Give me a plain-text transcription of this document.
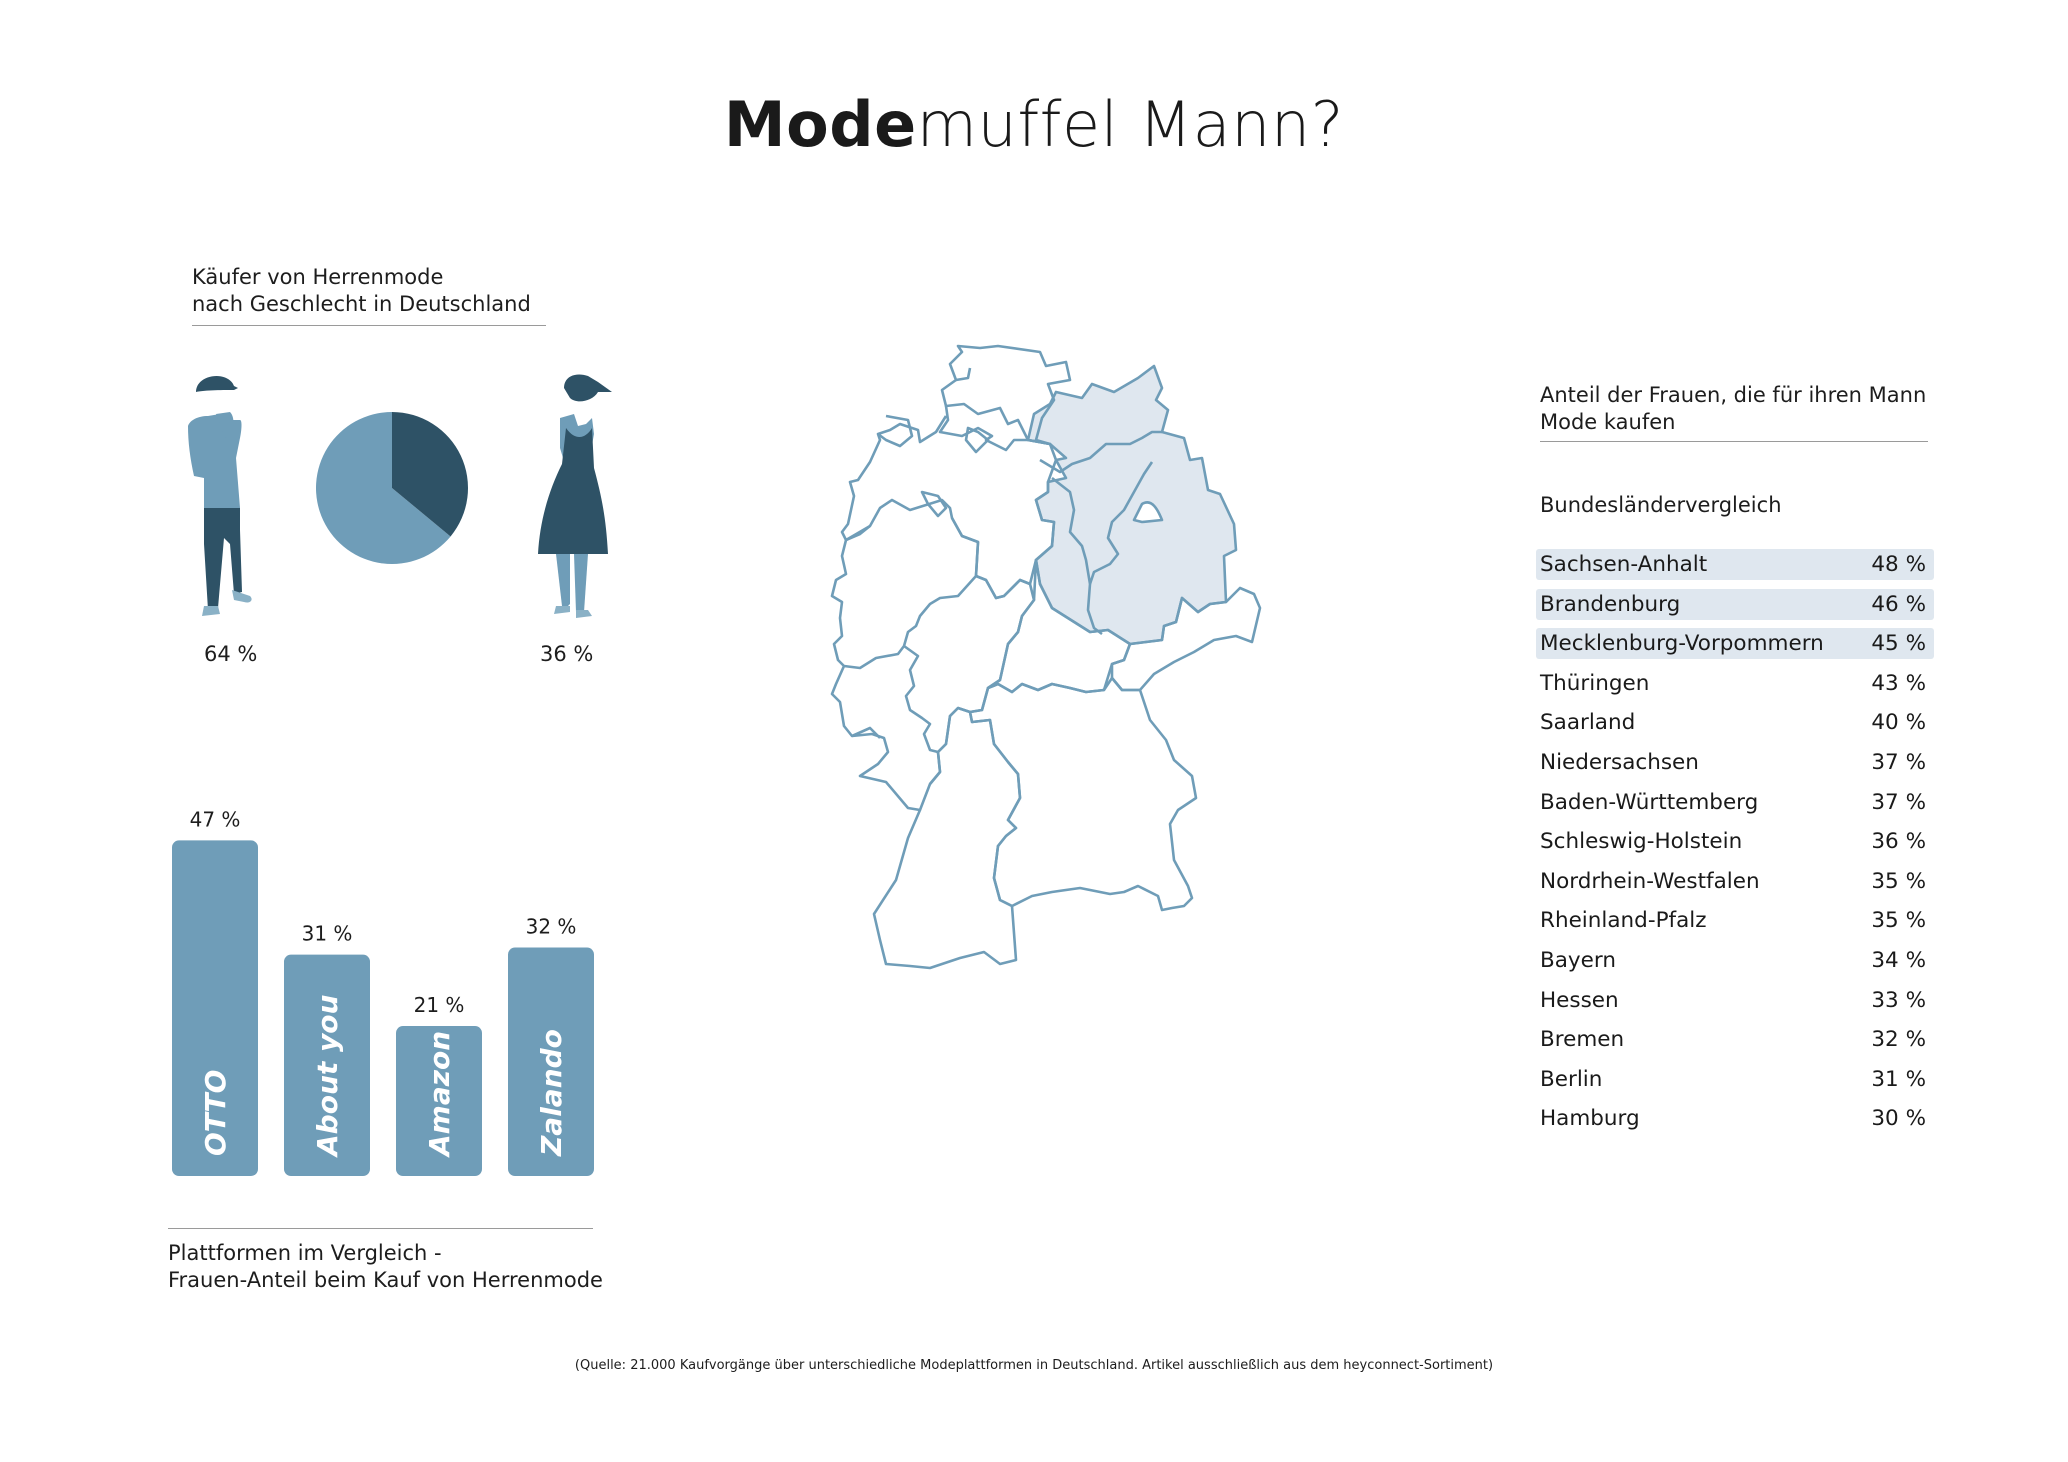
Modemuffel Mann?
Käufer von Herrenmode
nach Geschlecht in Deutschland
64 %	36 %
47 %
OTTO
31 %
About you	21 %
Amazon
32 %
Zalando
Plattformen im Vergleich -
Frauen-Anteil beim Kauf von Herrenmode
Anteil der Frauen, die für ihren Mann
Mode kaufen
Bundesländervergleich
Sachsen-Anhalt	48 %
Brandenburg	46 %
Mecklenburg-Vorpommern 45 %
Thüringen	43 %
Saarland	40 %
Niedersachsen	37 %
Baden-Württemberg	37 %
Schleswig-Holstein	36 %
Nordrhein-Westfalen	35 %
Rheinland-Pfalz	35 %
Bayern	34 %
Hessen	33 %
Bremen	32 %
Berlin	31 %
Hamburg	30 %
(Quelle: 21.000 Kaufvorgänge über unterschiedliche Modeplattformen in Deutschland. Artikel ausschließlich aus dem heyconnect-Sortiment)
